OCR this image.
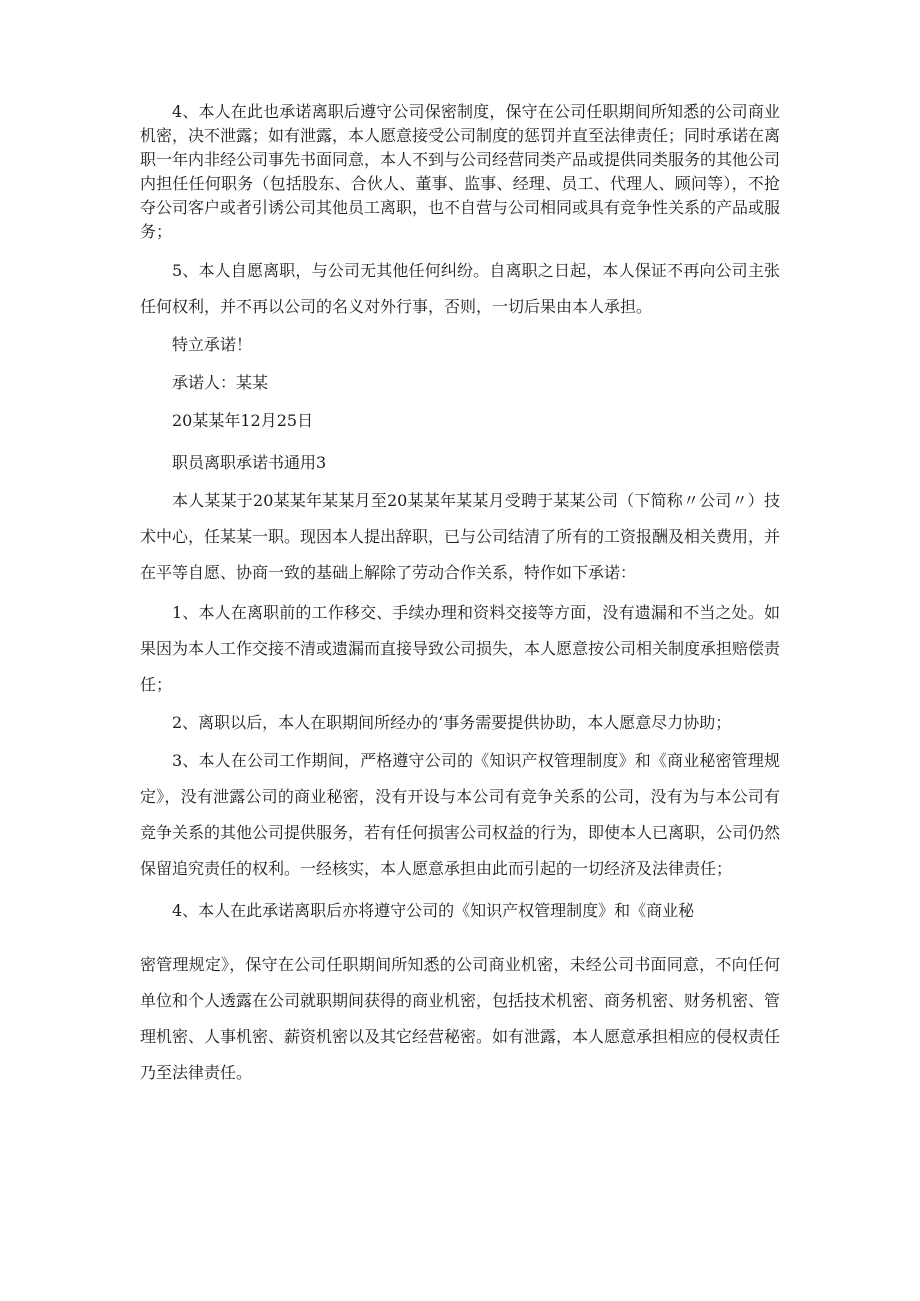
4、本人在此也承诺离职后遵守公司保密制度，保守在公司任职期间所知悉的公司商业机密，决不泄露；如有泄露，本人愿意接受公司制度的惩罚并直至法律责任；同时承诺在离职一年内非经公司事先书面同意，本人不到与公司经营同类产品或提供同类服务的其他公司内担任任何职务（包括股东、合伙人、董事、监事、经理、员工、代理人、顾问等），不抢夺公司客户或者引诱公司其他员工离职，也不自营与公司相同或具有竞争性关系的产品或服务；

5、本人自愿离职，与公司无其他任何纠纷。自离职之日起，本人保证不再向公司主张任何权利，并不再以公司的名义对外行事，否则，一切后果由本人承担。

特立承诺！

承诺人：某某

20某某年12月25日

职员离职承诺书通用3

本人某某于20某某年某某月至20某某年某某月受聘于某某公司（下简称〃公司〃）技术中心，任某某一职。现因本人提出辞职，已与公司结清了所有的工资报酬及相关费用，并在平等自愿、协商一致的基础上解除了劳动合作关系，特作如下承诺：

1、本人在离职前的工作移交、手续办理和资料交接等方面，没有遗漏和不当之处。如果因为本人工作交接不清或遗漏而直接导致公司损失，本人愿意按公司相关制度承担赔偿责任；

2、离职以后，本人在职期间所经办的‘事务需要提供协助，本人愿意尽力协助；

3、本人在公司工作期间，严格遵守公司的《知识产权管理制度》和《商业秘密管理规定》，没有泄露公司的商业秘密，没有开设与本公司有竞争关系的公司，没有为与本公司有竞争关系的其他公司提供服务，若有任何损害公司权益的行为，即使本人已离职，公司仍然保留追究责任的权利。一经核实，本人愿意承担由此而引起的一切经济及法律责任；

4、本人在此承诺离职后亦将遵守公司的《知识产权管理制度》和《商业秘

密管理规定》，保守在公司任职期间所知悉的公司商业机密，未经公司书面同意，不向任何单位和个人透露在公司就职期间获得的商业机密，包括技术机密、商务机密、财务机密、管理机密、人事机密、薪资机密以及其它经营秘密。如有泄露，本人愿意承担相应的侵权责任乃至法律责任。
